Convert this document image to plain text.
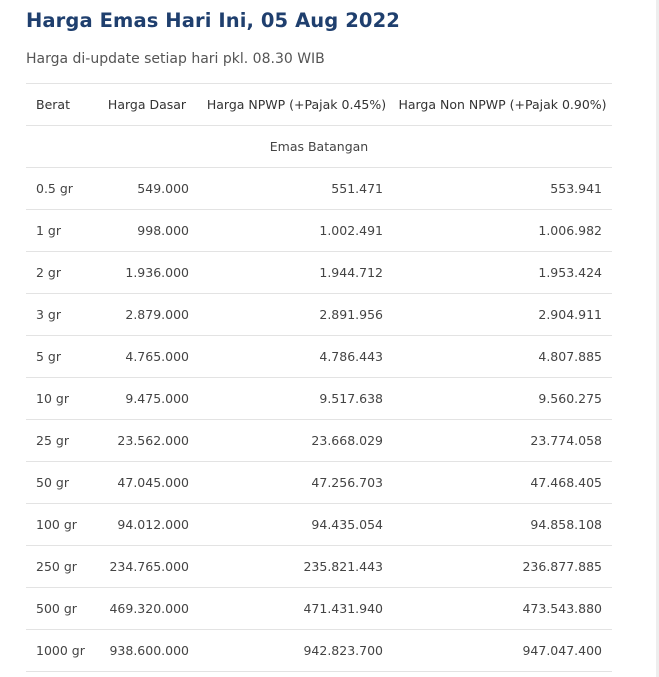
Harga Emas Hari Ini, 05 Aug 2022
Harga di-update setiap hari pkl. 08.30 WIB
Berat	Harga Dasar	Harga NPWP (+Pajak 0.45%)	Harga Non NPWP (+Pajak 0.90%)
Emas Batangan			
0.5 gr	549.000	551.471	553.941
1 gr	998.000	1.002.491	1.006.982
2 gr	1.936.000	1.944.712	1.953.424
3 gr	2.879.000	2.891.956	2.904.911
5 gr	4.765.000	4.786.443	4.807.885
10 gr	9.475.000	9.517.638	9.560.275
25 gr	23.562.000	23.668.029	23.774.058
50 gr	47.045.000	47.256.703	47.468.405
100 gr	94.012.000	94.435.054	94.858.108
250 gr	234.765.000	235.821.443	236.877.885
500 gr	469.320.000	471.431.940	473.543.880
1000 gr	938.600.000	942.823.700	947.047.400
